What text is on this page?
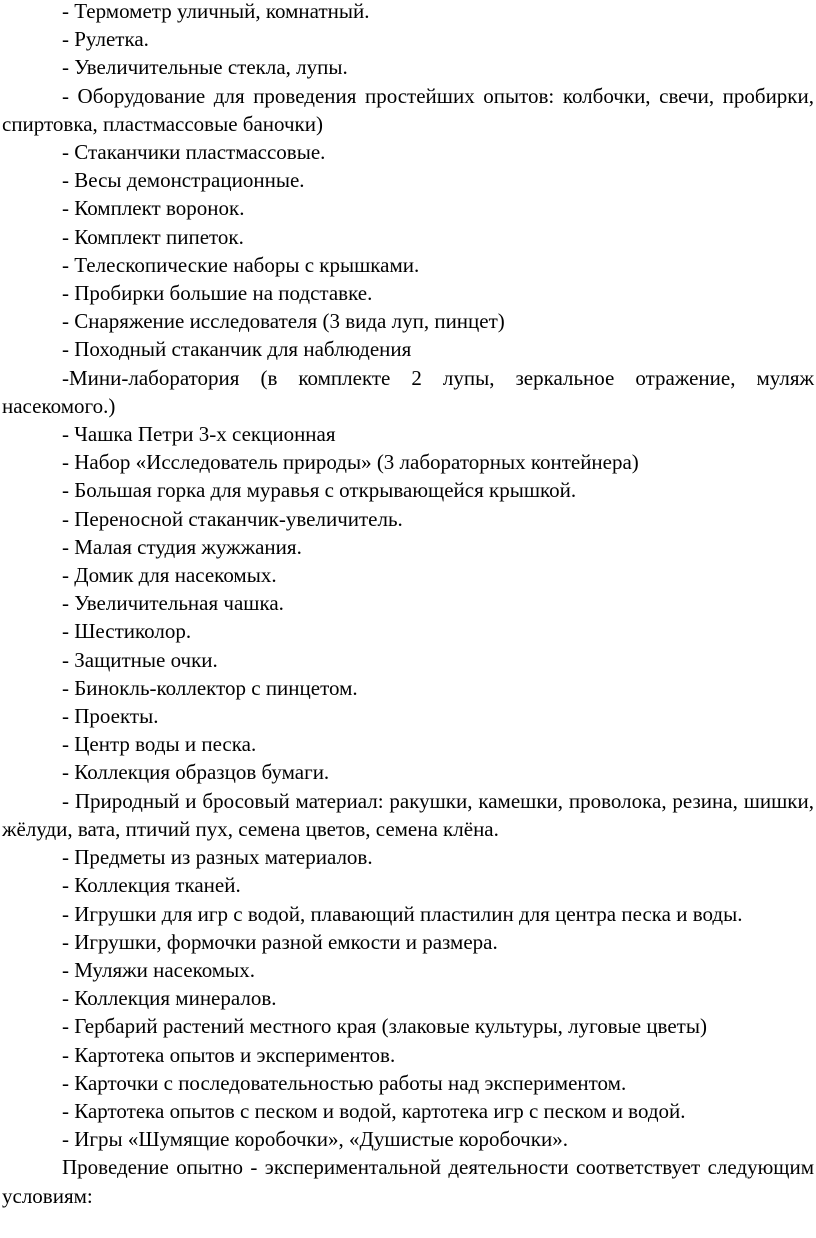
- Термометр уличный, комнатный.

- Рулетка.

- Увеличительные стекла, лупы.

- Оборудование для проведения простейших опытов: колбочки, свечи, пробирки, спиртовка, пластмассовые баночки)

- Стаканчики пластмассовые.

- Весы демонстрационные.

- Комплект воронок.

- Комплект пипеток.

- Телескопические наборы с крышками.

- Пробирки большие на подставке.

- Снаряжение исследователя (3 вида луп, пинцет)

- Походный стаканчик для наблюдения

-Мини-лаборатория (в комплекте 2 лупы, зеркальное отражение, муляж насекомого.)

- Чашка Петри 3-х секционная

- Набор «Исследователь природы» (3 лабораторных контейнера)

- Большая горка для муравья с открывающейся крышкой.

- Переносной стаканчик-увеличитель.

- Малая студия жужжания.

- Домик для насекомых.

- Увеличительная чашка.

- Шестиколор.

- Защитные очки.

- Бинокль-коллектор с пинцетом.

- Проекты.

- Центр воды и песка.

- Коллекция образцов бумаги.

- Природный и бросовый материал: ракушки, камешки, проволока, резина, шишки, жёлуди, вата, птичий пух, семена цветов, семена клёна.

- Предметы из разных материалов.

- Коллекция тканей.

- Игрушки для игр с водой, плавающий пластилин для центра песка и воды.

- Игрушки, формочки разной емкости и размера.

- Муляжи насекомых.

- Коллекция минералов.

- Гербарий растений местного края (злаковые культуры, луговые цветы)

- Картотека опытов и экспериментов.

- Карточки с последовательностью работы над экспериментом.

- Картотека опытов с песком и водой, картотека игр с песком и водой.

- Игры «Шумящие коробочки», «Душистые коробочки».

Проведение опытно - экспериментальной деятельности соответствует следующим условиям:
